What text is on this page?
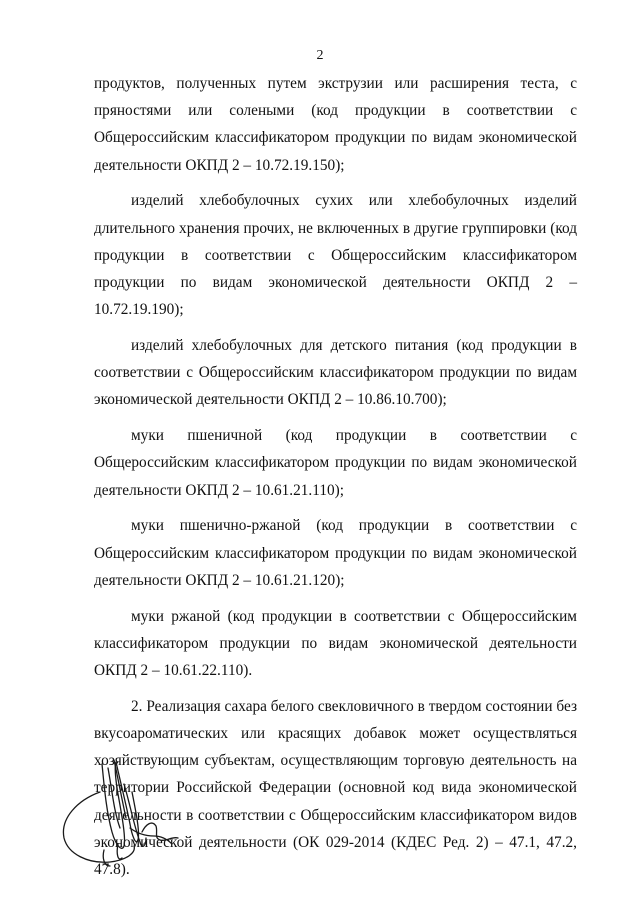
2

продуктов, полученных путем экструзии или расширения теста, с пряностями или солеными (код продукции в соответствии с Общероссийским классификатором продукции по видам экономической деятельности ОКПД 2 – 10.72.19.150);

изделий хлебобулочных сухих или хлебобулочных изделий длительного хранения прочих, не включенных в другие группировки (код продукции в соответствии с Общероссийским классификатором продукции по видам экономической деятельности ОКПД 2 – 10.72.19.190);

изделий хлебобулочных для детского питания (код продукции в соответствии с Общероссийским классификатором продукции по видам экономической деятельности ОКПД 2 – 10.86.10.700);

муки пшеничной (код продукции в соответствии с Общероссийским классификатором продукции по видам экономической деятельности ОКПД 2 – 10.61.21.110);

муки пшенично-ржаной (код продукции в соответствии с Общероссийским классификатором продукции по видам экономической деятельности ОКПД 2 – 10.61.21.120);

муки ржаной (код продукции в соответствии с Общероссийским классификатором продукции по видам экономической деятельности ОКПД 2 – 10.61.22.110).

2. Реализация сахара белого свекловичного в твердом состоянии без вкусоароматических или красящих добавок может осуществляться хозяйствующим субъектам, осуществляющим торговую деятельность на территории Российской Федерации (основной код вида экономической деятельности в соответствии с Общероссийским классификатором видов экономической деятельности (ОК 029-2014 (КДЕС Ред. 2) – 47.1, 47.2, 47.8).
